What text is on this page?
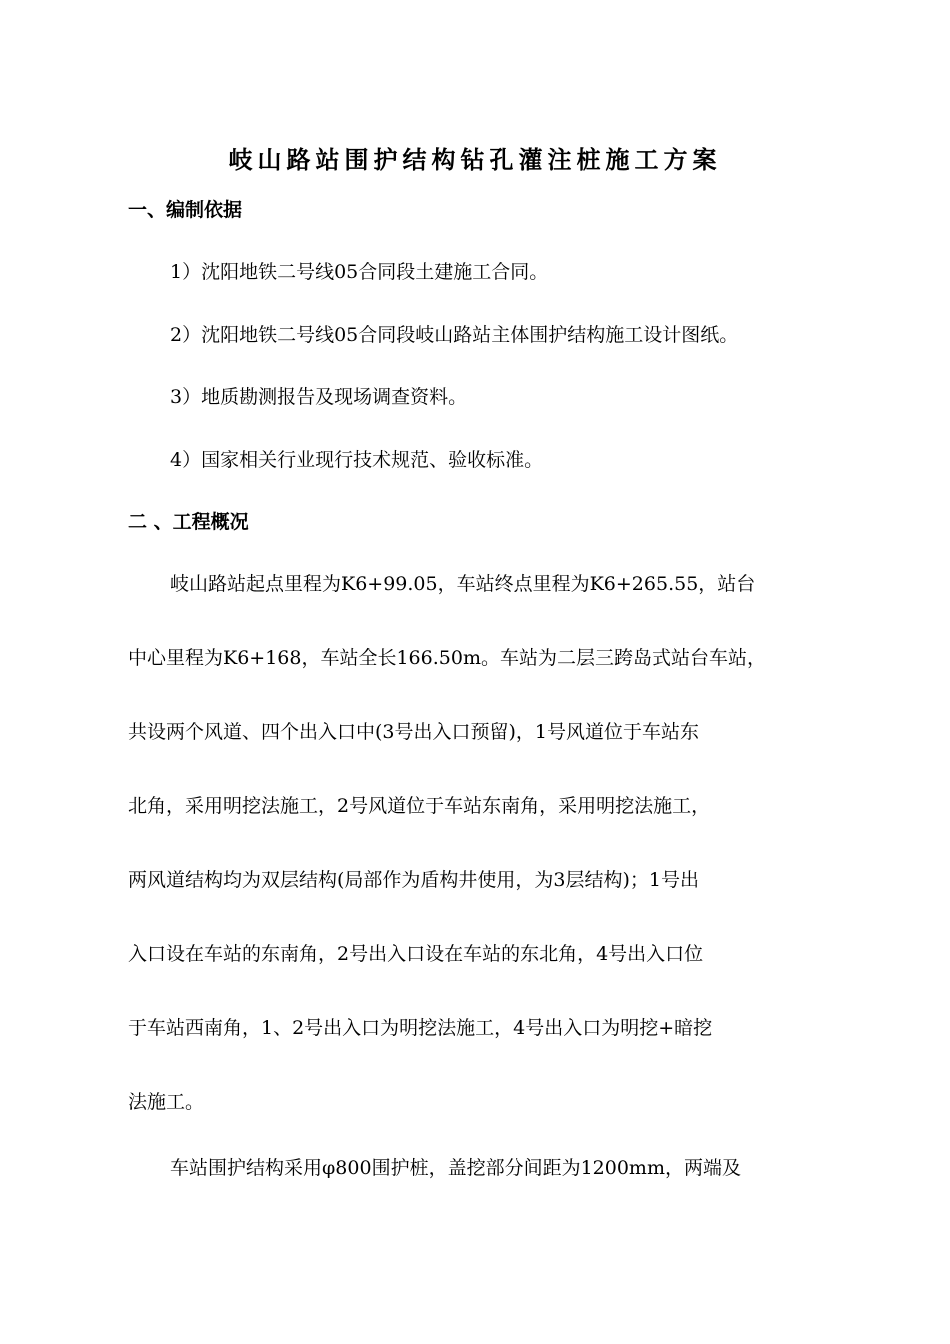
岐山路站围护结构钻孔灌注桩施工方案
一、编制依据
1）沈阳地铁二号线05合同段土建施工合同。
2）沈阳地铁二号线05合同段岐山路站主体围护结构施工设计图纸。
3）地质勘测报告及现场调查资料。
4）国家相关行业现行技术规范、验收标准。
二 、工程概况
岐山路站起点里程为K6+99.05，车站终点里程为K6+265.55，站台
中心里程为K6+168，车站全长166.50m。车站为二层三跨岛式站台车站，
共设两个风道、四个出入口中(3号出入口预留)，1号风道位于车站东
北角，采用明挖法施工，2号风道位于车站东南角，采用明挖法施工，
两风道结构均为双层结构(局部作为盾构井使用，为3层结构)；1号出
入口设在车站的东南角，2号出入口设在车站的东北角，4号出入口位
于车站西南角，1、2号出入口为明挖法施工，4号出入口为明挖+暗挖
法施工。
车站围护结构采用φ800围护桩，盖挖部分间距为1200mm，两端及
